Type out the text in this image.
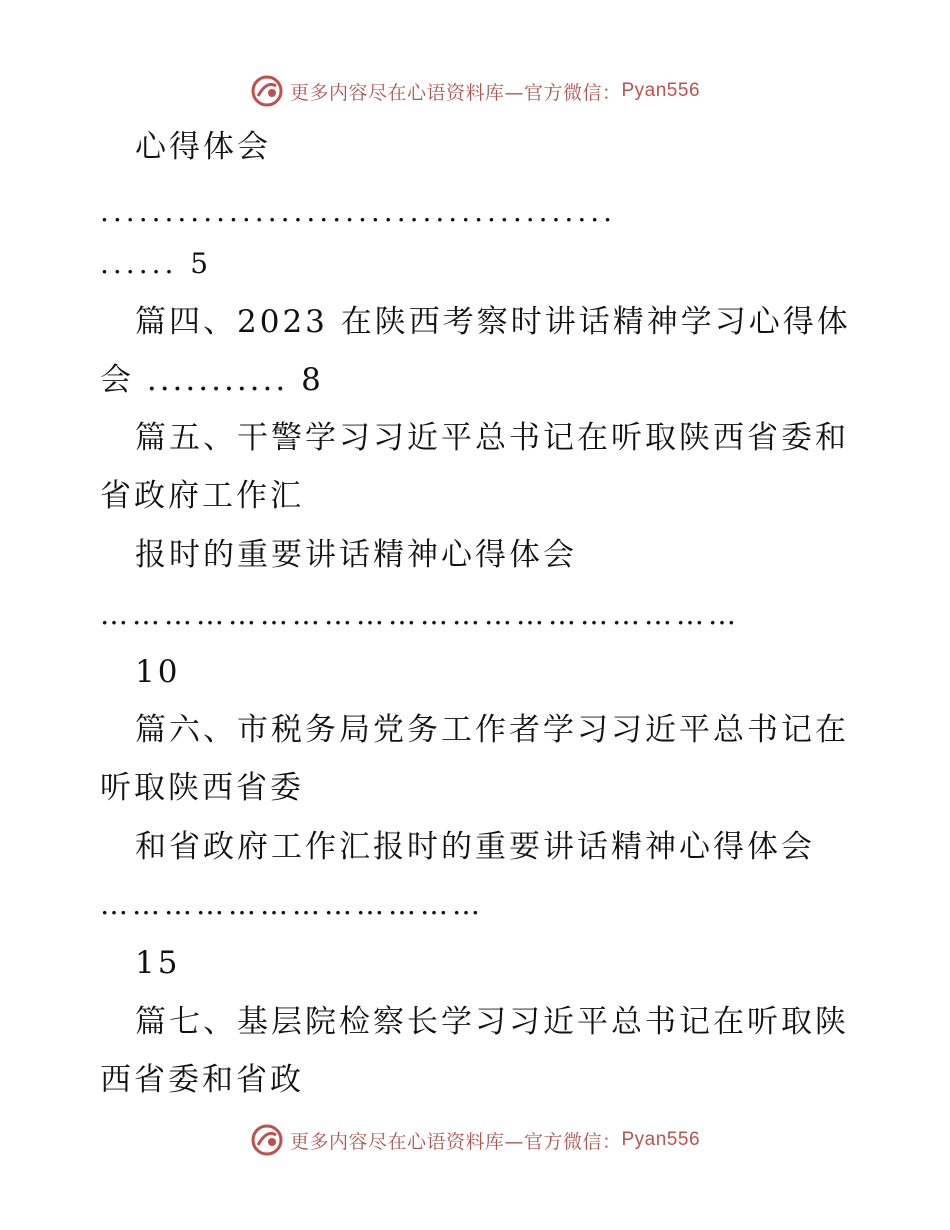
更多内容尽在心语资料库—官方微信： Pyan556
心得体会
........................................
...... 5
篇四、2023 在陕西考察时讲话精神学习心得体
会 ........... 8
篇五、干警学习习近平总书记在听取陕西省委和
省政府工作汇
报时的重要讲话精神心得体会
……………………………………………………
10
篇六、市税务局党务工作者学习习近平总书记在
听取陕西省委
和省政府工作汇报时的重要讲话精神心得体会
………………………………
15
篇七、基层院检察长学习习近平总书记在听取陕
西省委和省政
更多内容尽在心语资料库—官方微信： Pyan556
